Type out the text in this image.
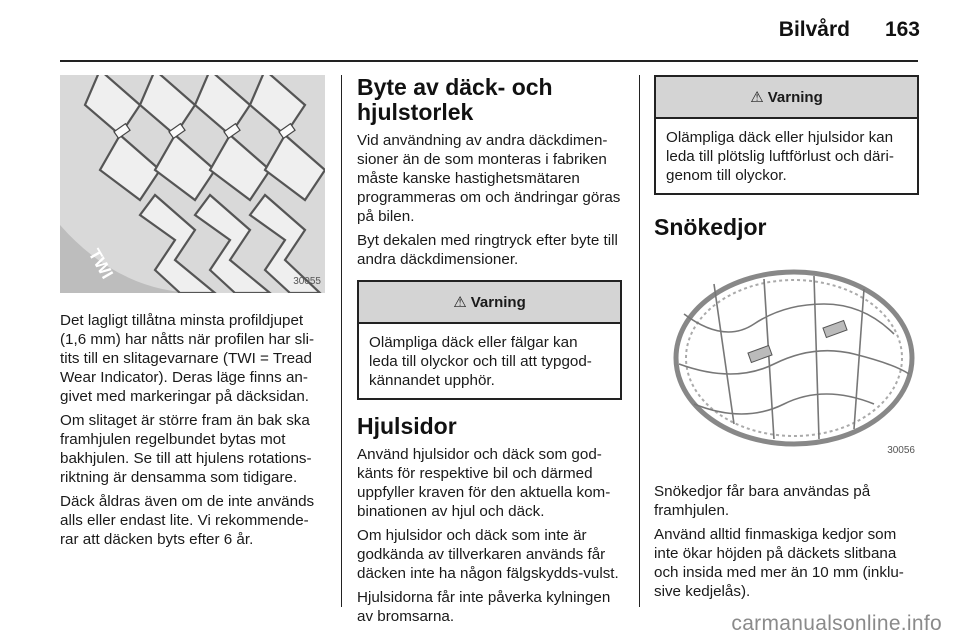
Bilvård 163
TWI	30055

Det lagligt tillåtna minsta profildjupet (1,6 mm) har nåtts när profilen har sli-tits till en slitagevarnare (TWI = Tread Wear Indicator). Deras läge finns an-givet med markeringar på däcksidan.

Om slitaget är större fram än bak ska framhjulen regelbundet bytas mot bakhjulen. Se till att hjulens rotations-riktning är densamma som tidigare.

Däck åldras även om de inte används alls eller endast lite. Vi rekommende-rar att däcken byts efter 6 år.

Byte av däck- och hjulstorlek

Vid användning av andra däckdimen-sioner än de som monteras i fabriken måste kanske hastighetsmätaren programmeras om och ändringar göras på bilen.

Byt dekalen med ringtryck efter byte till andra däckdimensioner.

⚠ Varning
Olämpliga däck eller fälgar kan leda till olyckor och till att typgod-kännandet upphör.
Hjulsidor

Använd hjulsidor och däck som god-känts för respektive bil och därmed uppfyller kraven för den aktuella kom-binationen av hjul och däck.

Om hjulsidor och däck som inte är godkända av tillverkaren används får däcken inte ha någon fälgskydds-vulst.

Hjulsidorna får inte påverka kylningen av bromsarna.

⚠ Varning
Olämpliga däck eller hjulsidor kan leda till plötslig luftförlust och däri-genom till olyckor.
Snökedjor
30056

Snökedjor får bara användas på framhjulen.

Använd alltid finmaskiga kedjor som inte ökar höjden på däckets slitbana och insida med mer än 10 mm (inklu-sive kedjelås).

carmanualsonline.info
